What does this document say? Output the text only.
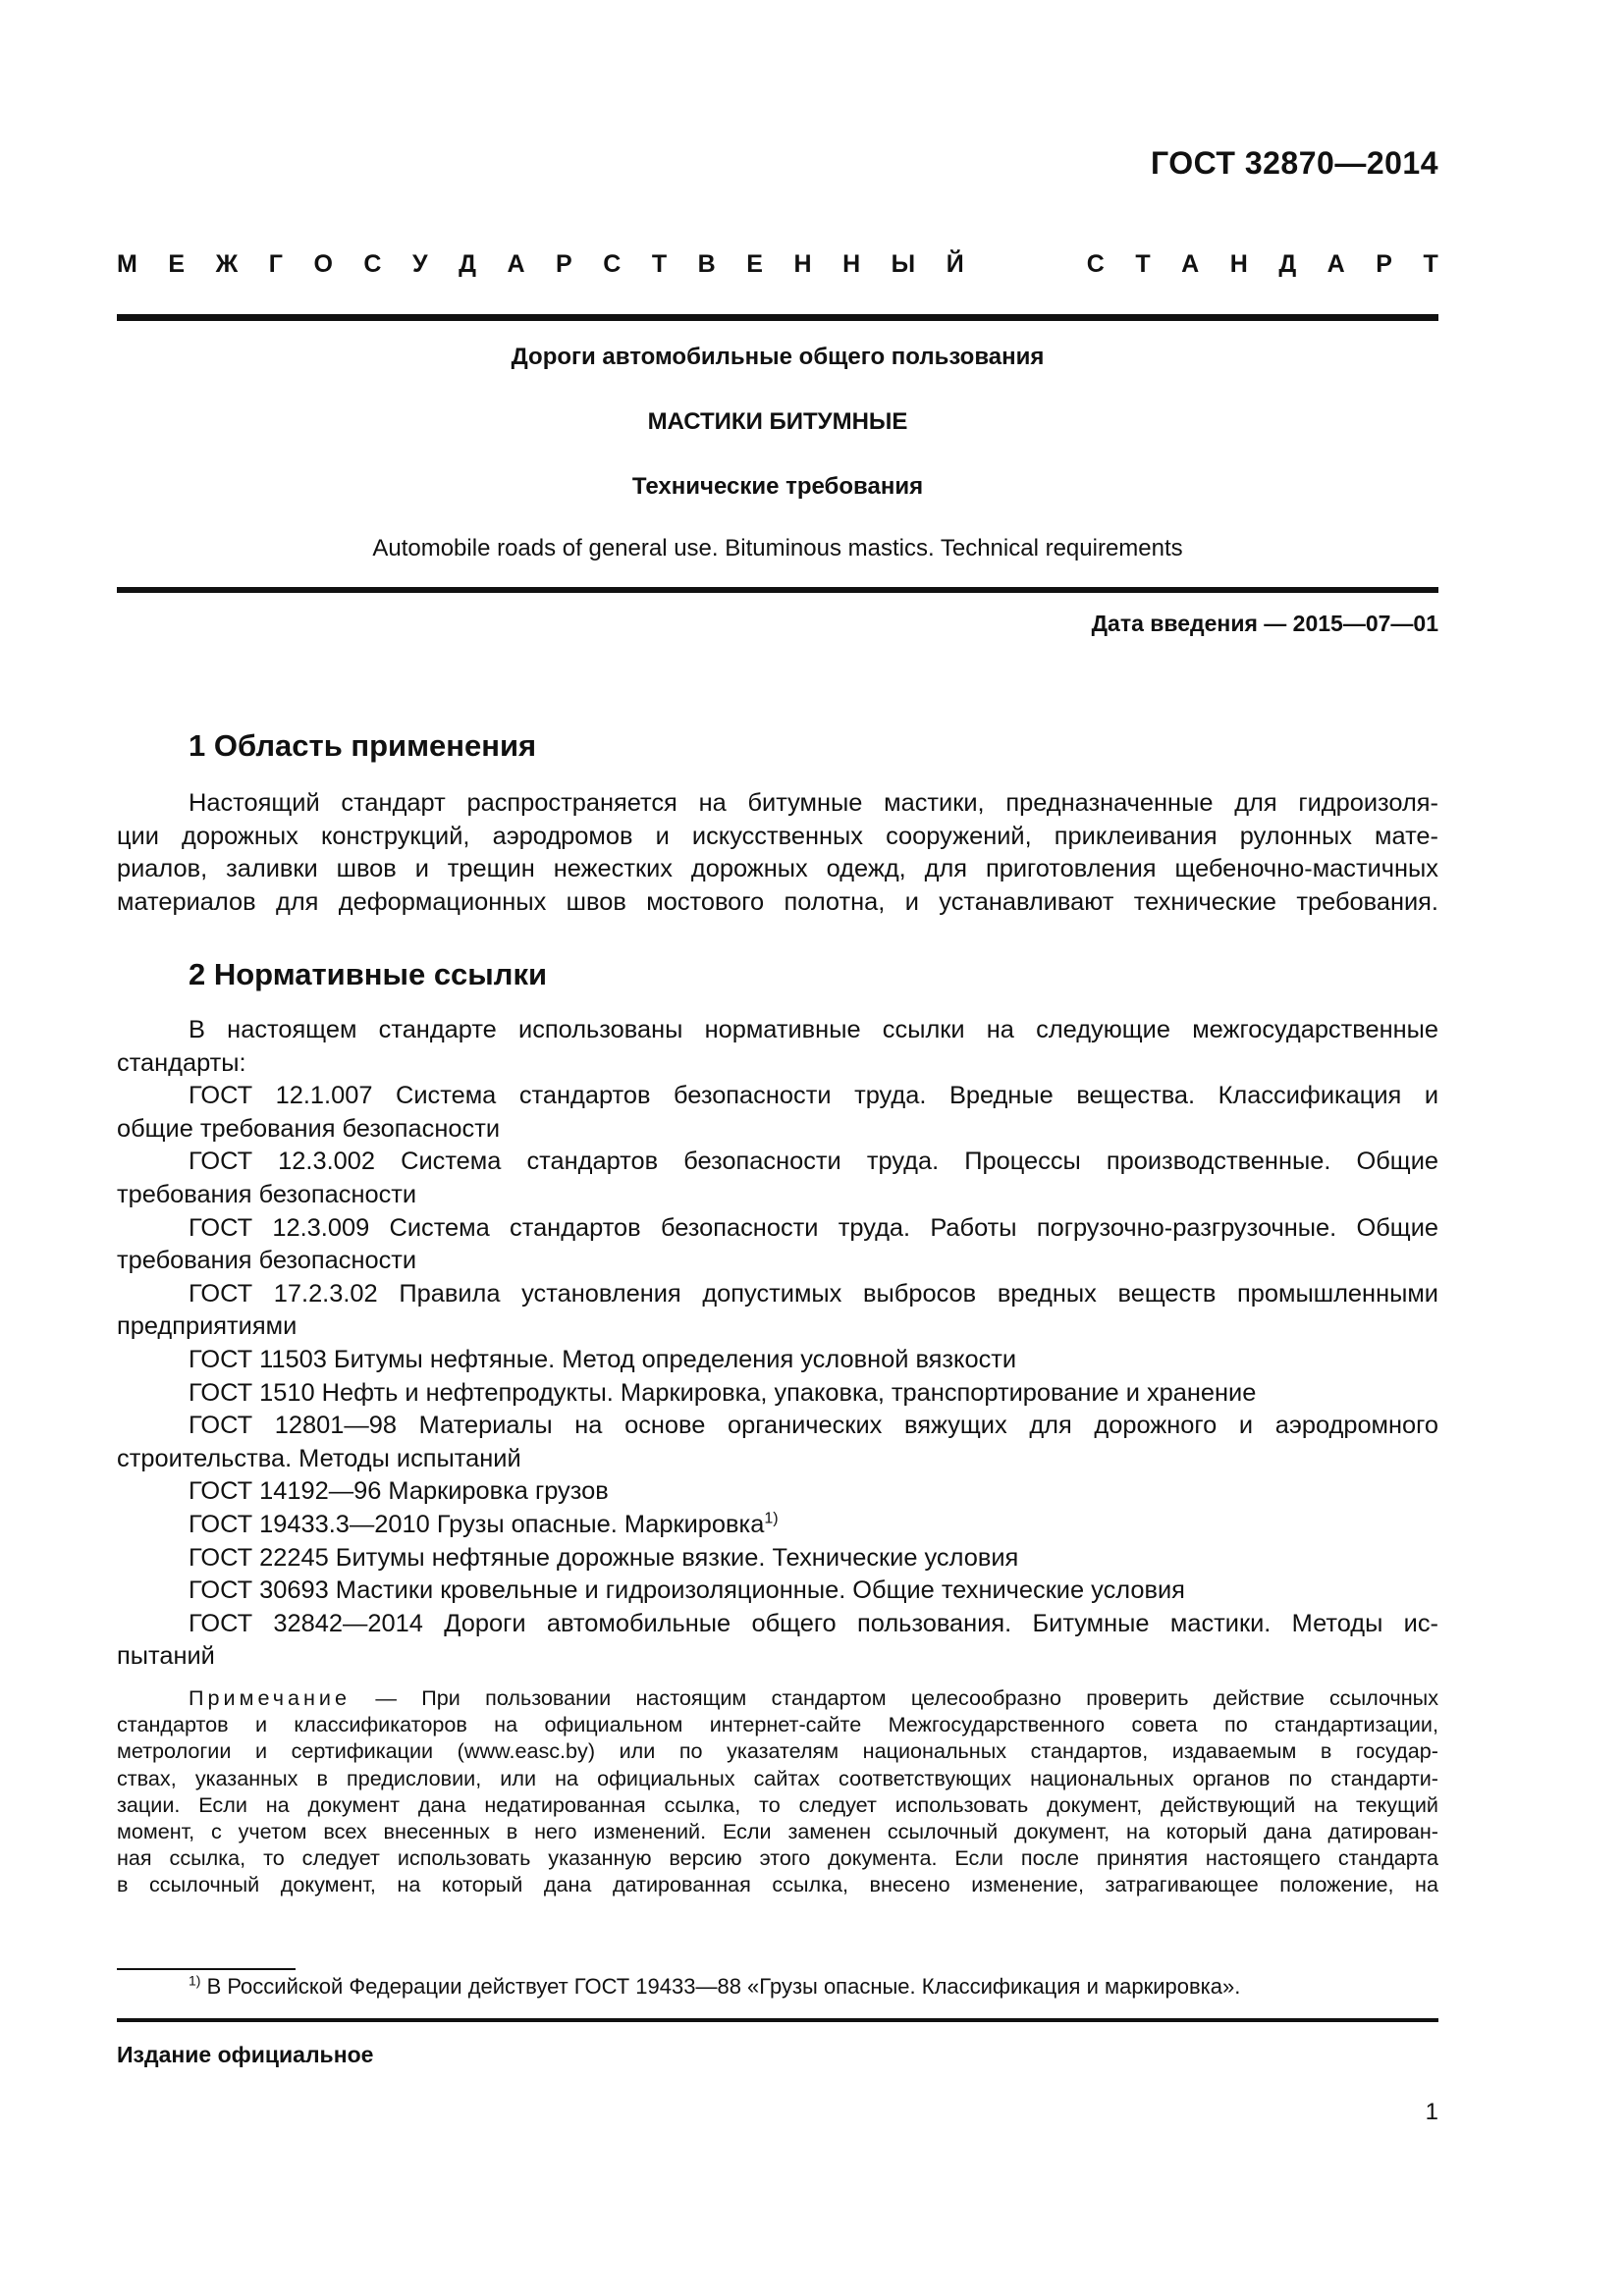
ГОСТ 32870—2014
М Е Ж Г О С У Д А Р С Т В Е Н Н Ы Й	С Т А Н Д А Р Т
Дороги автомобильные общего пользования
МАСТИКИ БИТУМНЫЕ
Технические требования
Automobile roads of general use. Bituminous mastics. Technical requirements
Дата введения — 2015—07—01
1 Область применения
Настоящий стандарт распространяется на битумные мастики, предназначенные для гидроизоля-
ции дорожных конструкций, аэродромов и искусственных сооружений, приклеивания рулонных мате-
риалов, заливки швов и трещин нежестких дорожных одежд, для приготовления щебеночно-мастичных
материалов для деформационных швов мостового полотна, и устанавливают технические требования.
2 Нормативные ссылки
В настоящем стандарте использованы нормативные ссылки на следующие межгосударственные
стандарты:
ГОСТ 12.1.007 Система стандартов безопасности труда. Вредные вещества. Классификация и
общие требования безопасности
ГОСТ 12.3.002 Система стандартов безопасности труда. Процессы производственные. Общие
требования безопасности
ГОСТ 12.3.009 Система стандартов безопасности труда. Работы погрузочно-разгрузочные. Общие
требования безопасности
ГОСТ 17.2.3.02 Правила установления допустимых выбросов вредных веществ промышленными
предприятиями
ГОСТ 11503 Битумы нефтяные. Метод определения условной вязкости
ГОСТ 1510 Нефть и нефтепродукты. Маркировка, упаковка, транспортирование и хранение
ГОСТ 12801—98 Материалы на основе органических вяжущих для дорожного и аэродромного
строительства. Методы испытаний
ГОСТ 14192—96 Маркировка грузов
ГОСТ 19433.3—2010 Грузы опасные. Маркировка$^{1)}$
ГОСТ 22245 Битумы нефтяные дорожные вязкие. Технические условия
ГОСТ 30693 Мастики кровельные и гидроизоляционные. Общие технические условия
ГОСТ 32842—2014 Дороги автомобильные общего пользования. Битумные мастики. Методы ис-
пытаний
Примечание — При пользовании настоящим стандартом целесообразно проверить действие ссылочных
стандартов и классификаторов на официальном интернет-сайте Межгосударственного совета по стандартизации,
метрологии и сертификации (www.easc.by) или по указателям национальных стандартов, издаваемым в государ-
ствах, указанных в предисловии, или на официальных сайтах соответствующих национальных органов по стандарти-
зации. Если на документ дана недатированная ссылка, то следует использовать документ, действующий на текущий
момент, с учетом всех внесенных в него изменений. Если заменен ссылочный документ, на который дана датирован-
ная ссылка, то следует использовать указанную версию этого документа. Если после принятия настоящего стандарта
в ссылочный документ, на который дана датированная ссылка, внесено изменение, затрагивающее положение, на
$^{1)}$ В Российской Федерации действует ГОСТ 19433—88 «Грузы опасные. Классификация и маркировка».
Издание официальное
1
